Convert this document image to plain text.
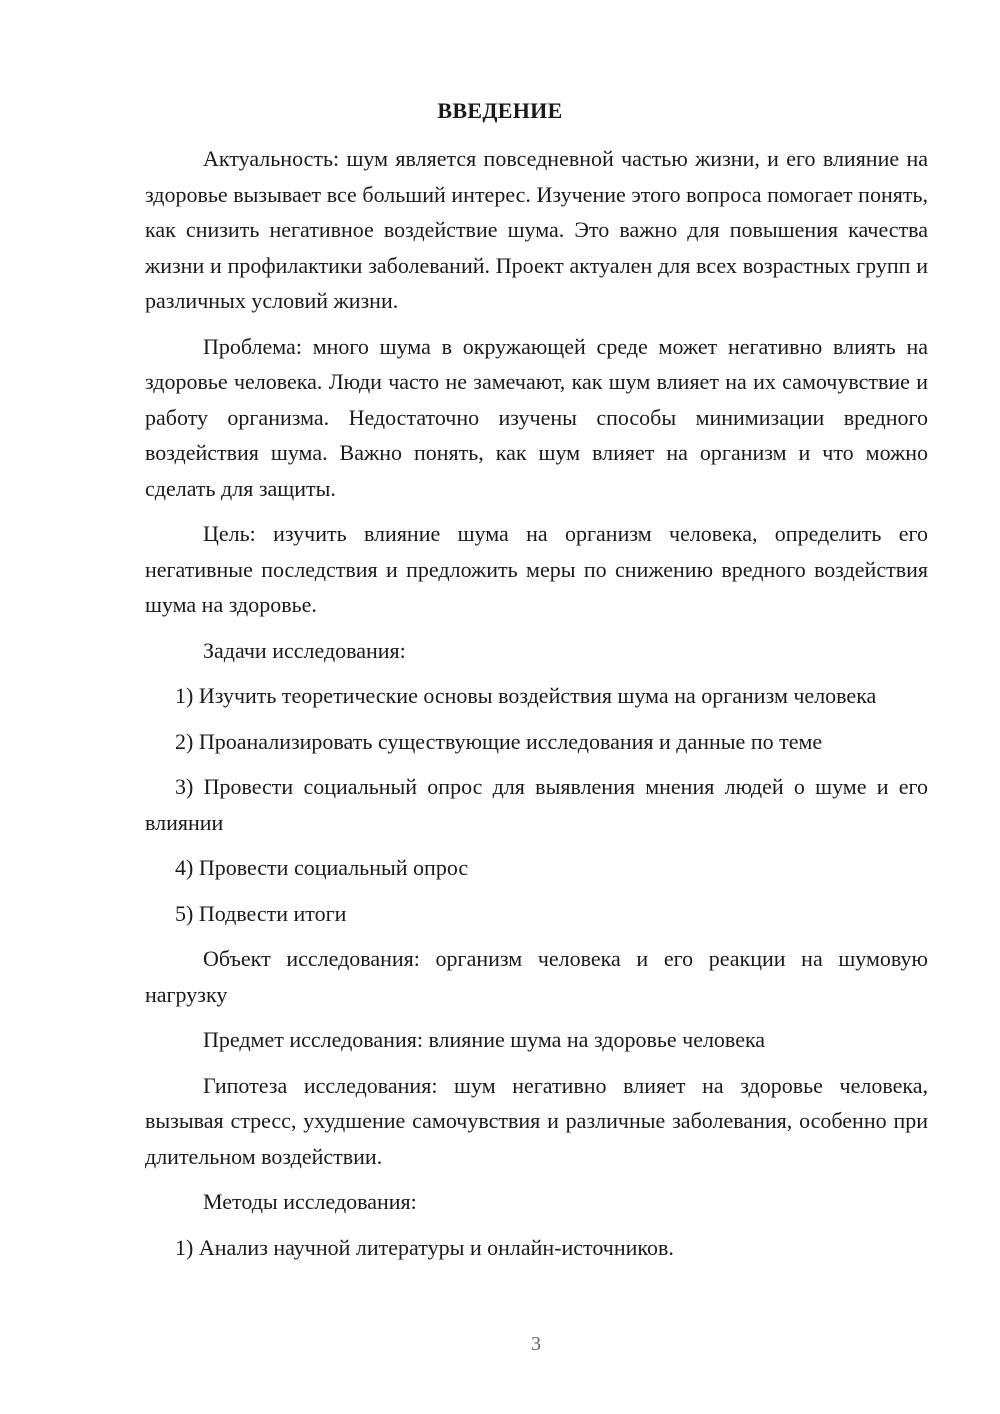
ВВЕДЕНИЕ

Актуальность: шум является повседневной частью жизни, и его влияние на здоровье вызывает все больший интерес. Изучение этого вопроса помогает понять, как снизить негативное воздействие шума. Это важно для повышения качества жизни и профилактики заболеваний. Проект актуален для всех возрастных групп и различных условий жизни.

Проблема: много шума в окружающей среде может негативно влиять на здоровье человека. Люди часто не замечают, как шум влияет на их самочувствие и работу организма. Недостаточно изучены способы минимизации вредного воздействия шума. Важно понять, как шум влияет на организм и что можно сделать для защиты.

Цель: изучить влияние шума на организм человека, определить его негативные последствия и предложить меры по снижению вредного воздействия шума на здоровье.

Задачи исследования:

1) Изучить теоретические основы воздействия шума на организм человека

2) Проанализировать существующие исследования и данные по теме

3) Провести социальный опрос для выявления мнения людей о шуме и его влиянии

4) Провести социальный опрос

5) Подвести итоги

Объект исследования: организм человека и его реакции на шумовую нагрузку

Предмет исследования: влияние шума на здоровье человека

Гипотеза исследования: шум негативно влияет на здоровье человека, вызывая стресс, ухудшение самочувствия и различные заболевания, особенно при длительном воздействии.

Методы исследования:

1) Анализ научной литературы и онлайн-источников.

3
